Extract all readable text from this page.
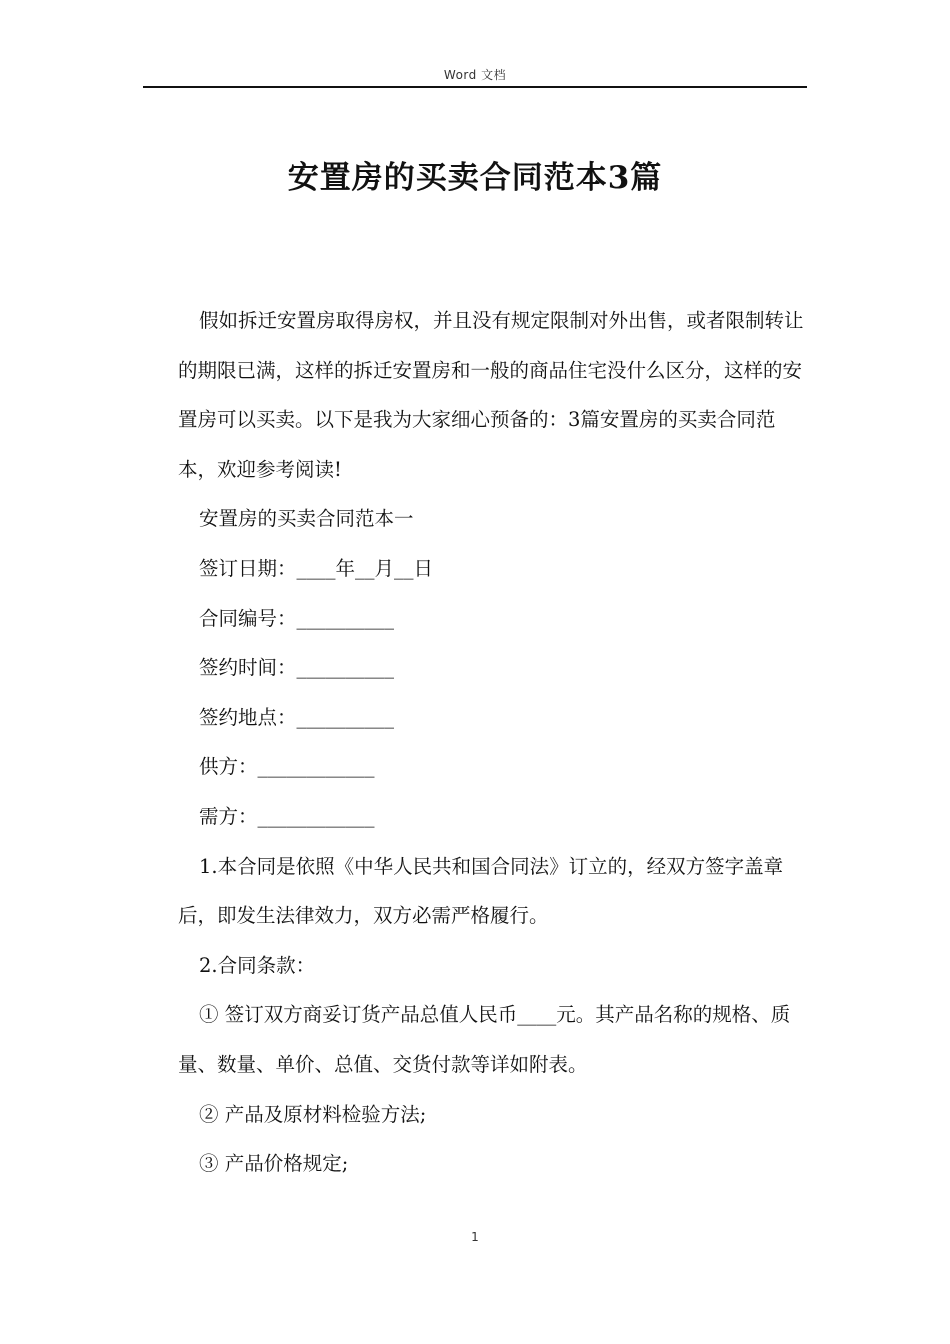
Word 文档
安置房的买卖合同范本3篇

假如拆迁安置房取得房权，并且没有规定限制对外出售，或者限制转让的期限已满，这样的拆迁安置房和一般的商品住宅没什么区分，这样的安置房可以买卖。以下是我为大家细心预备的：3篇安置房的买卖合同范本，欢迎参考阅读!

安置房的买卖合同范本一

签订日期：____年__月__日

合同编号：__________

签约时间：__________

签约地点：__________

供方：____________

需方：____________

1.本合同是依照《中华人民共和国合同法》订立的，经双方签字盖章后，即发生法律效力，双方必需严格履行。

2.合同条款：

① 签订双方商妥订货产品总值人民币____元。其产品名称的规格、质量、数量、单价、总值、交货付款等详如附表。

② 产品及原材料检验方法;

③ 产品价格规定;

1
